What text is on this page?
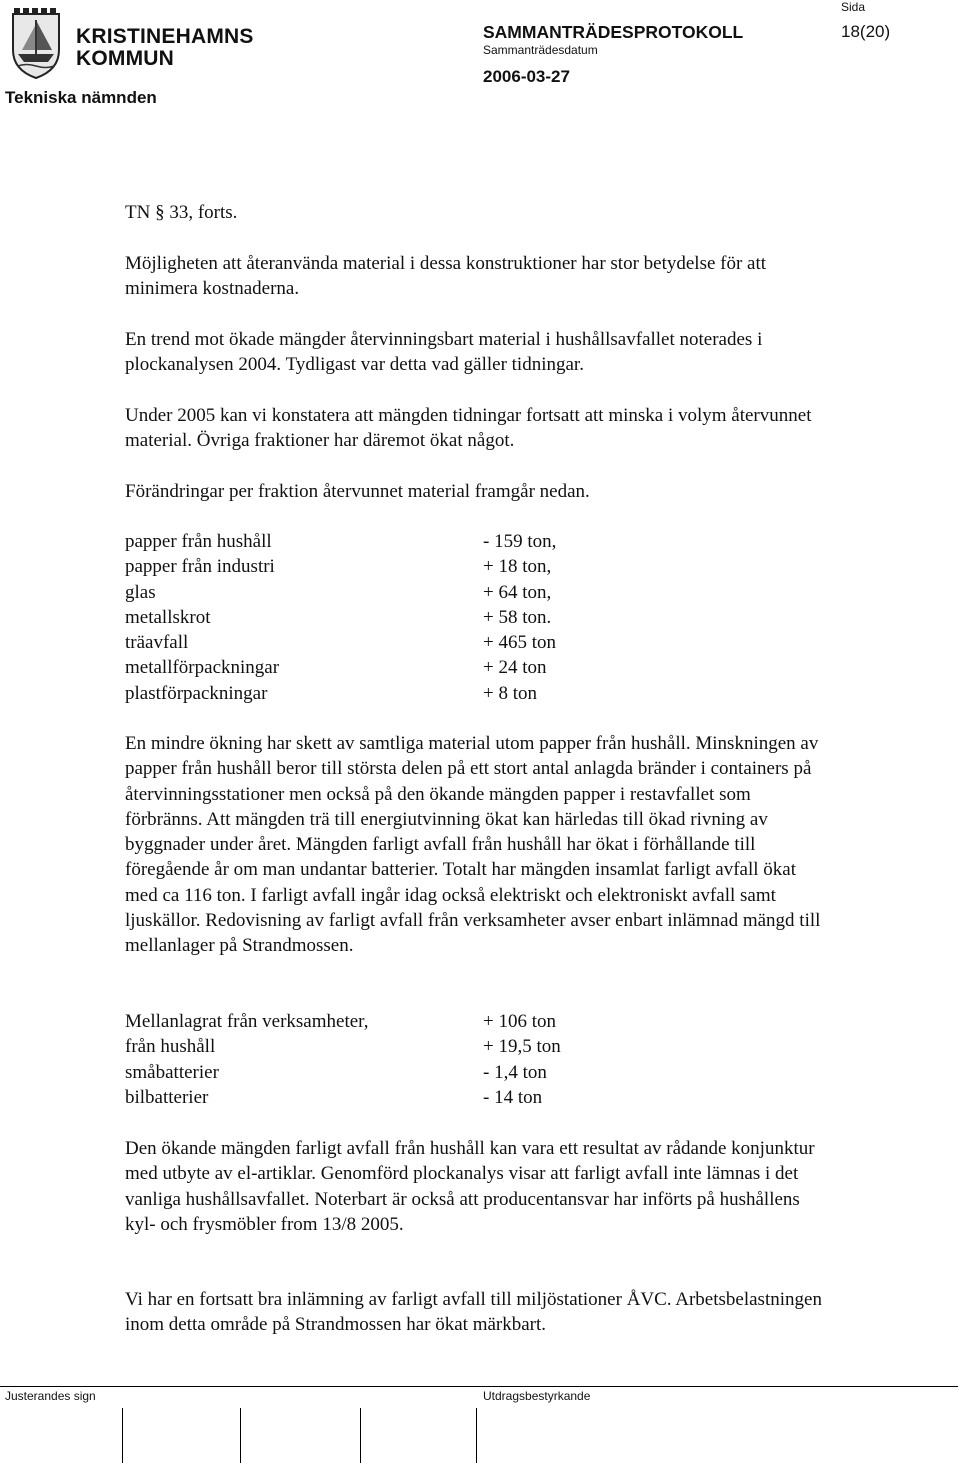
KRISTINEHAMNS
KOMMUN
Tekniska nämnden
SAMMANTRÄDESPROTOKOLL
Sammanträdesdatum
2006-03-27
Sida
18(20)
TN § 33, forts.
Möjligheten att återanvända material i dessa konstruktioner har stor betydelse för att minimera kostnaderna.
En trend mot ökade mängder återvinningsbart material i hushållsavfallet noterades i plockanalysen 2004. Tydligast var detta vad gäller tidningar.
Under 2005 kan vi konstatera att mängden tidningar fortsatt att minska i volym återvunnet material. Övriga fraktioner har däremot ökat något.
Förändringar per fraktion återvunnet material framgår nedan.
papper från hushåll	- 159 ton,
papper från industri	+ 18 ton,
glas	+ 64 ton,
metallskrot	+ 58 ton.
träavfall	+ 465 ton
metallförpackningar	+ 24 ton
plastförpackningar	+ 8 ton
En mindre ökning har skett av samtliga material utom papper från hushåll. Minskningen av papper från hushåll beror till största delen på ett stort antal anlagda bränder i containers på återvinningsstationer men också på den ökande mängden papper i restavfallet som förbränns. Att mängden trä till energiutvinning ökat kan härledas till ökad rivning av byggnader under året. Mängden farligt avfall från hushåll har ökat i förhållande till föregående år om man undantar batterier. Totalt har mängden insamlat farligt avfall ökat med ca 116 ton. I farligt avfall ingår idag också elektriskt och elektroniskt avfall samt ljuskällor. Redovisning av farligt avfall från verksamheter avser enbart inlämnad mängd till mellanlager på Strandmossen.
Mellanlagrat från verksamheter,	+ 106 ton
från hushåll	+ 19,5 ton
småbatterier	- 1,4 ton
bilbatterier	- 14 ton
Den ökande mängden farligt avfall från hushåll kan vara ett resultat av rådande konjunktur med utbyte av el-artiklar. Genomförd plockanalys visar att farligt avfall inte lämnas i det vanliga hushållsavfallet. Noterbart är också att producentansvar har införts på hushållens kyl- och frysmöbler from 13/8 2005.
Vi har en fortsatt bra inlämning av farligt avfall till miljöstationer ÅVC. Arbetsbelastningen inom detta område på Strandmossen har ökat märkbart.
Justerandes sign	Utdragsbestyrkande
